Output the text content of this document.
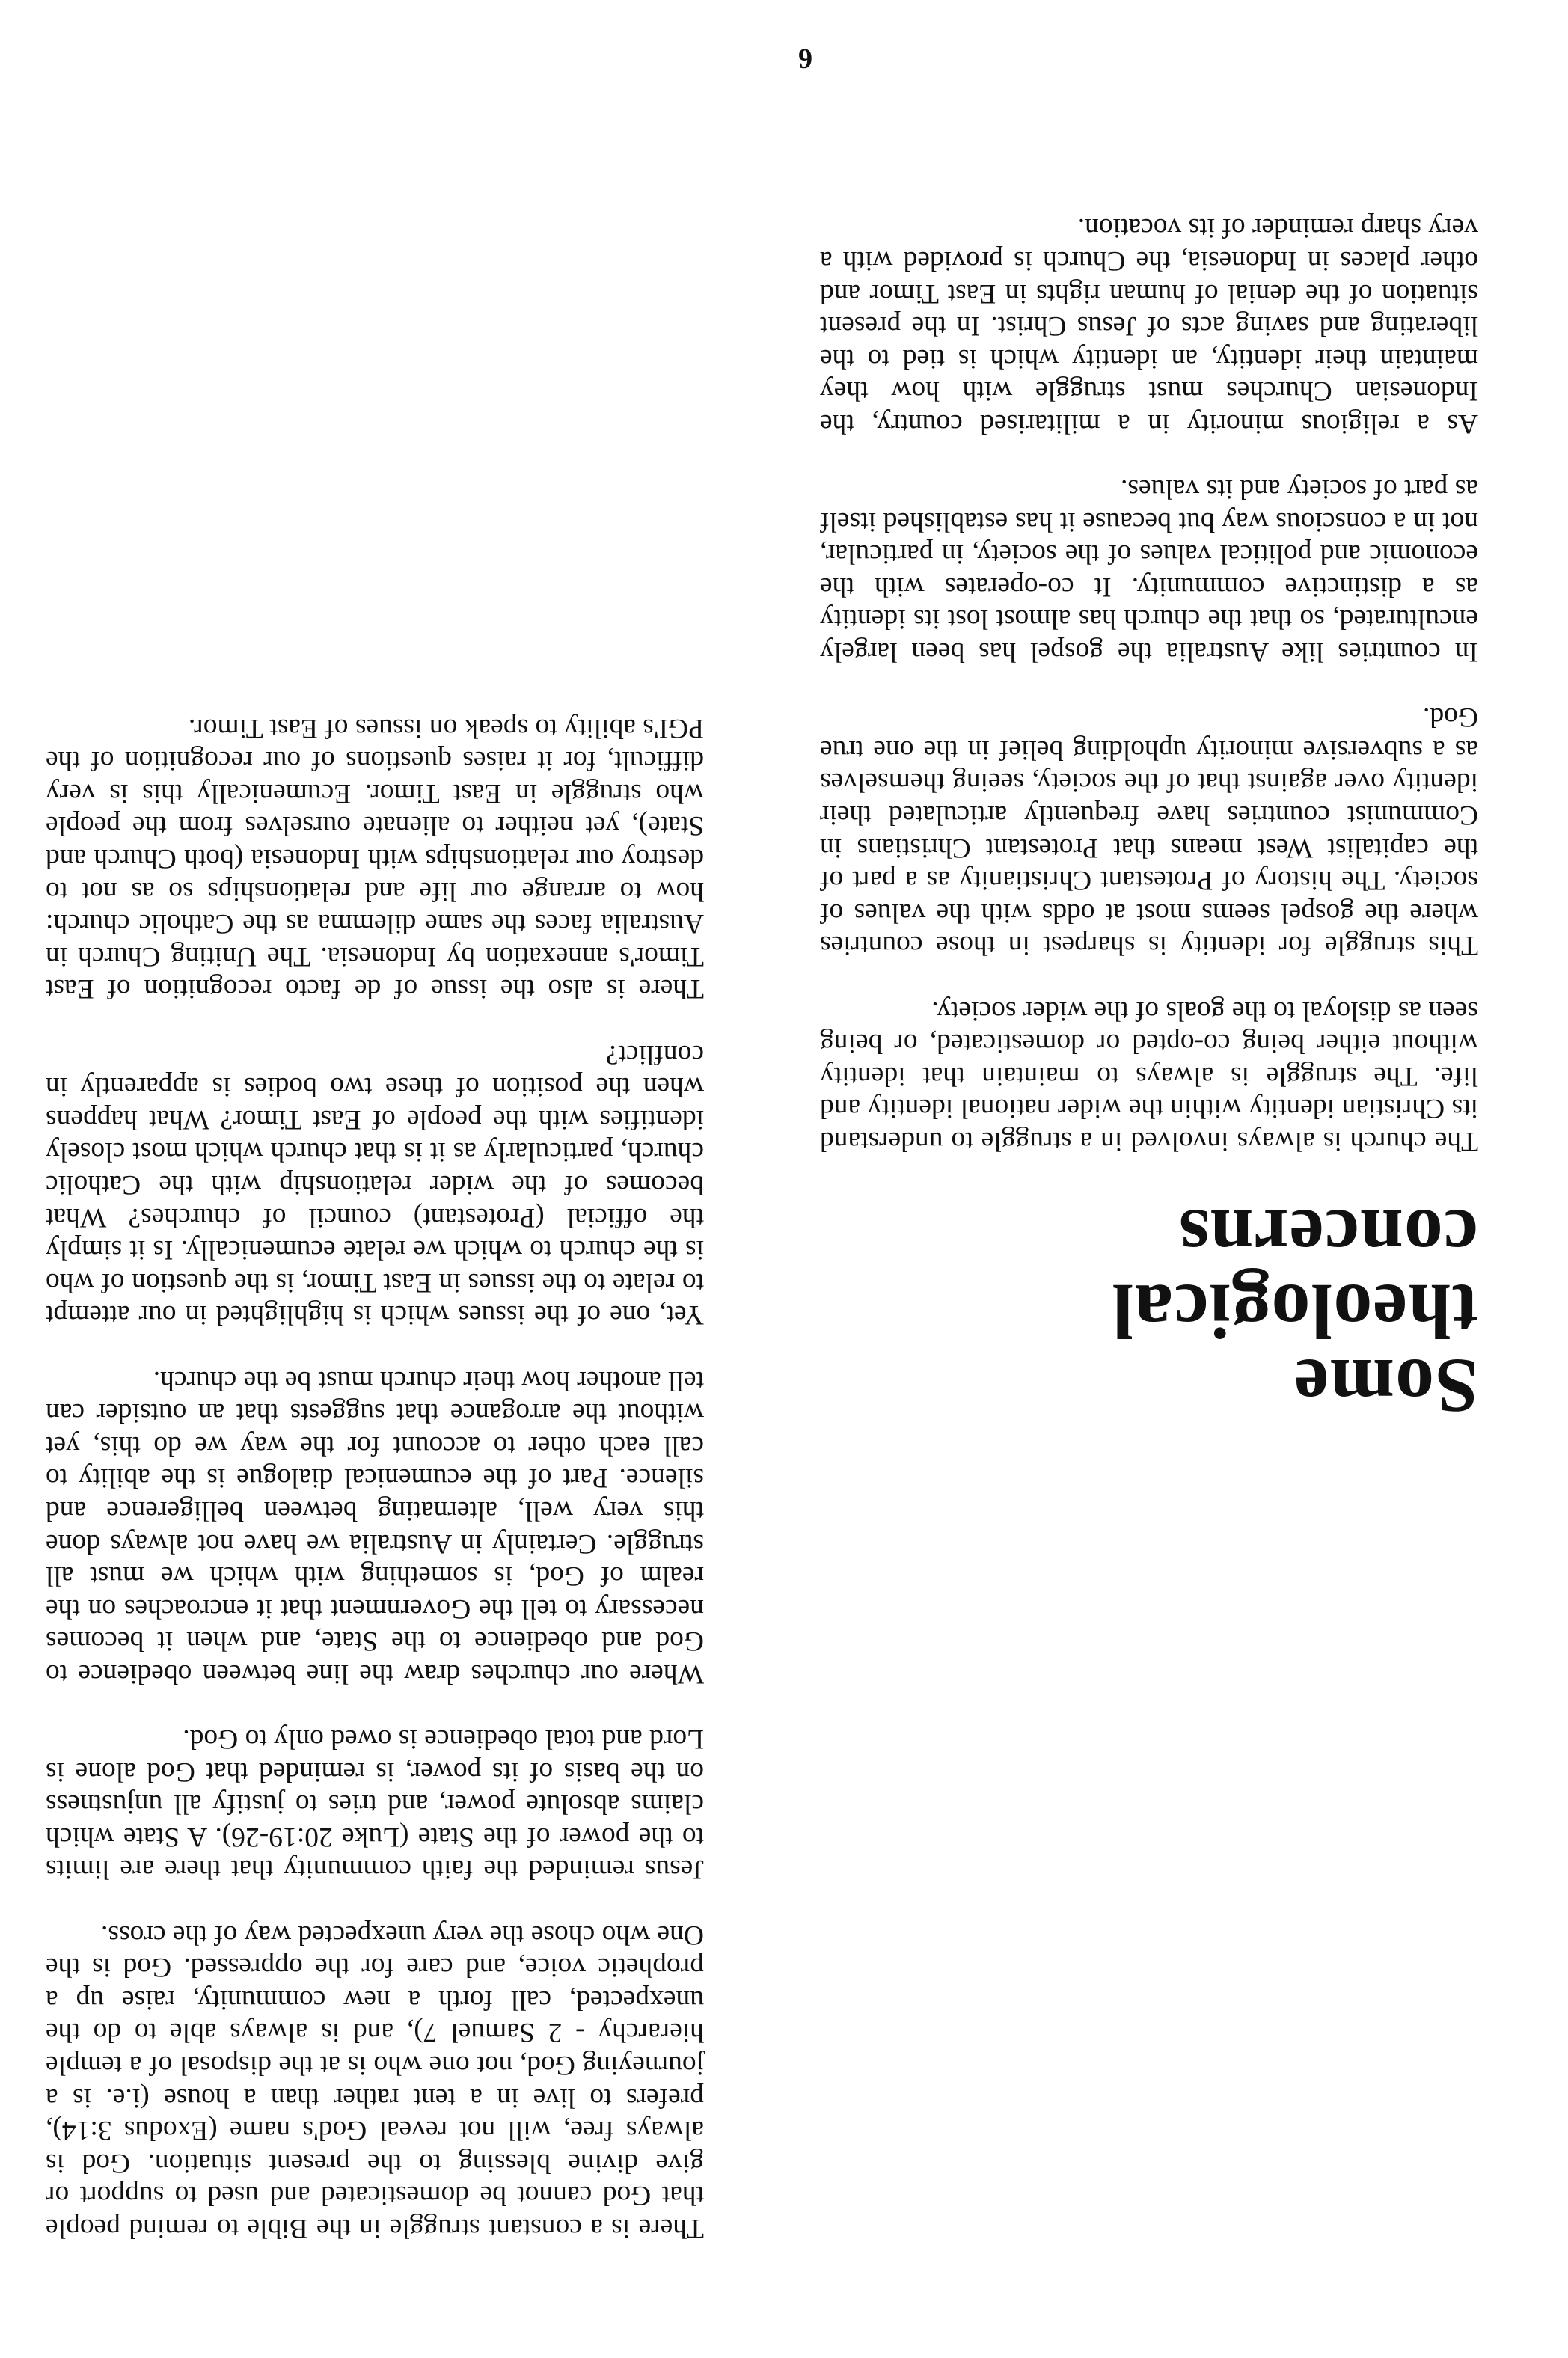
There is a constant struggle in the Bible to remind people that God cannot be domesticated and used to support or give divine blessing to the present situation. God is always free, will not reveal God's name (Exodus 3:14), prefers to live in a tent rather than a house (i.e. is a journeying God, not one who is at the disposal of a temple hierarchy - 2 Samuel 7), and is always able to do the unexpected, call forth a new community, raise up a prophetic voice, and care for the oppressed. God is the One who chose the very unexpected way of the cross.

Jesus reminded the faith community that there are limits to the power of the State (Luke 20:19-26). A State which claims absolute power, and tries to justify all unjustness on the basis of its power, is reminded that God alone is Lord and total obedience is owed only to God.

Where our churches draw the line between obedience to God and obedience to the State, and when it becomes necessary to tell the Government that it encroaches on the realm of God, is something with which we must all struggle. Certainly in Australia we have not always done this very well, alternating between belligerence and silence. Part of the ecumenical dialogue is the ability to call each other to account for the way we do this, yet without the arrogance that suggests that an outsider can tell another how their church must be the church.

Yet, one of the issues which is highlighted in our attempt to relate to the issues in East Timor, is the question of who is the church to which we relate ecumenically. Is it simply the official (Protestant) council of churches? What becomes of the wider relationship with the Catholic church, particularly as it is that church which most closely identifies with the people of East Timor? What happens when the position of these two bodies is apparently in conflict?

There is also the issue of de facto recognition of East Timor's annexation by Indonesia. The Uniting Church in Australia faces the same dilemma as the Catholic church: how to arrange our life and relationships so as not to destroy our relationships with Indonesia (both Church and State), yet neither to alienate ourselves from the people who struggle in East Timor. Ecumenically this is very difficult, for it raises questions of our recognition of the PGI's ability to speak on issues of East Timor.

Some
theological
concerns

The church is always involved in a struggle to understand its Christian identity within the wider national identity and life. The struggle is always to maintain that identity without either being co-opted or domesticated, or being seen as disloyal to the goals of the wider society.

This struggle for identity is sharpest in those countries where the gospel seems most at odds with the values of society. The history of Protestant Christianity as a part of the capitalist West means that Protestant Christians in Communist countries have frequently articulated their identity over against that of the society, seeing themselves as a subversive minority upholding belief in the one true God.

In countries like Australia the gospel has been largely enculturated, so that the church has almost lost its identity as a distinctive community. It co-operates with the economic and political values of the society, in particular, not in a conscious way but because it has established itself as part of society and its values.

As a religious minority in a militarised country, the Indonesian Churches must struggle with how they maintain their identity, an identity which is tied to the liberating and saving acts of Jesus Christ. In the present situation of the denial of human rights in East Timor and other places in Indonesia, the Church is provided with a very sharp reminder of its vocation.

6
